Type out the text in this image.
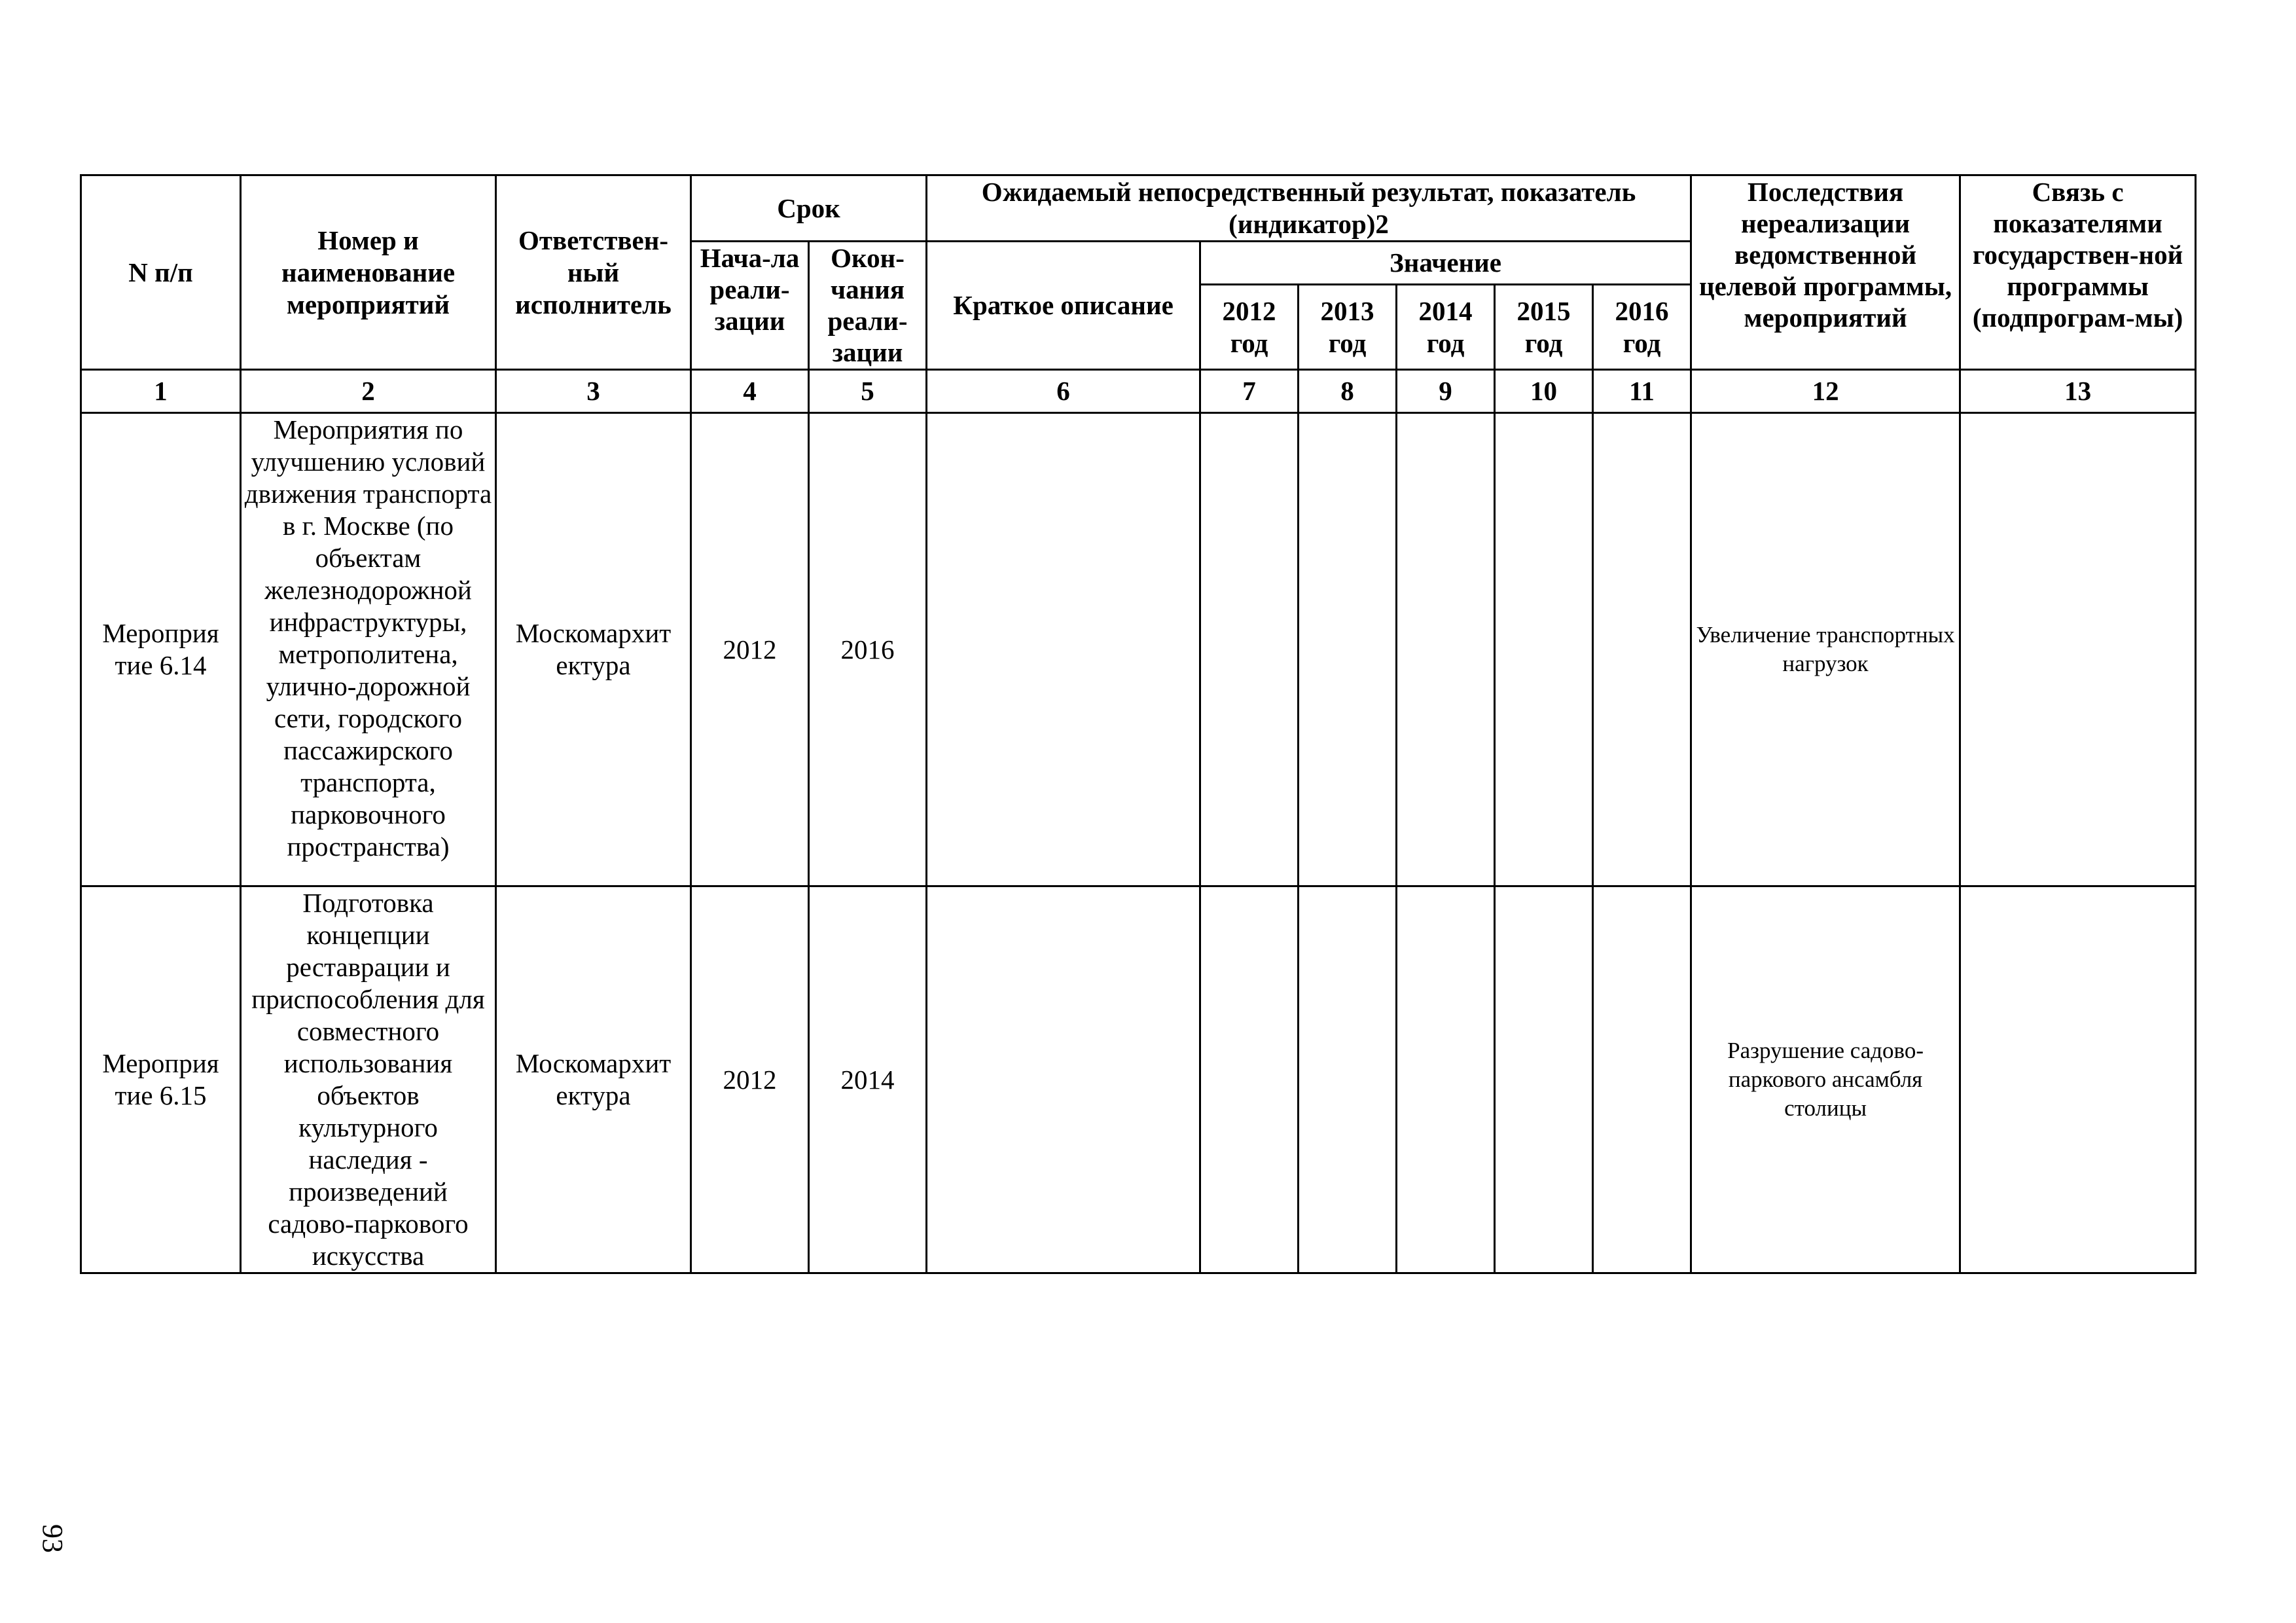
N п/п	Номер и наименование мероприятий	Ответствен-ный исполнитель	Срок		Ожидаемый непосредственный результат, показатель (индикатор)2						Последствия нереализации ведомственной целевой программы, мероприятий	Связь с показателями государствен-ной программы (подпрограм-мы)
			Нача-ла реали-зации	Окон-чания реали-зации	Краткое описание	Значение						
						2012 год	2013 год	2014 год	2015 год	2016 год		
1	2	3	4	5	6	7	8	9	10	11	12	13
Мероприя тие 6.14	Мероприятия по улучшению условий движения транспорта в г. Москве (по объектам железнодорожной инфраструктуры, метрополитена, улично-дорожной сети, городского пассажирского транспорта, парковочного пространства)	Москомархит ектура	2012	2016							Увеличение транспортных нагрузок	
Мероприя тие 6.15	Подготовка концепции реставрации и приспособления для совместного использования объектов культурного наследия - произведений садово-паркового искусства	Москомархит ектура	2012	2014							Разрушение садово-паркового ансамбля столицы	
93
